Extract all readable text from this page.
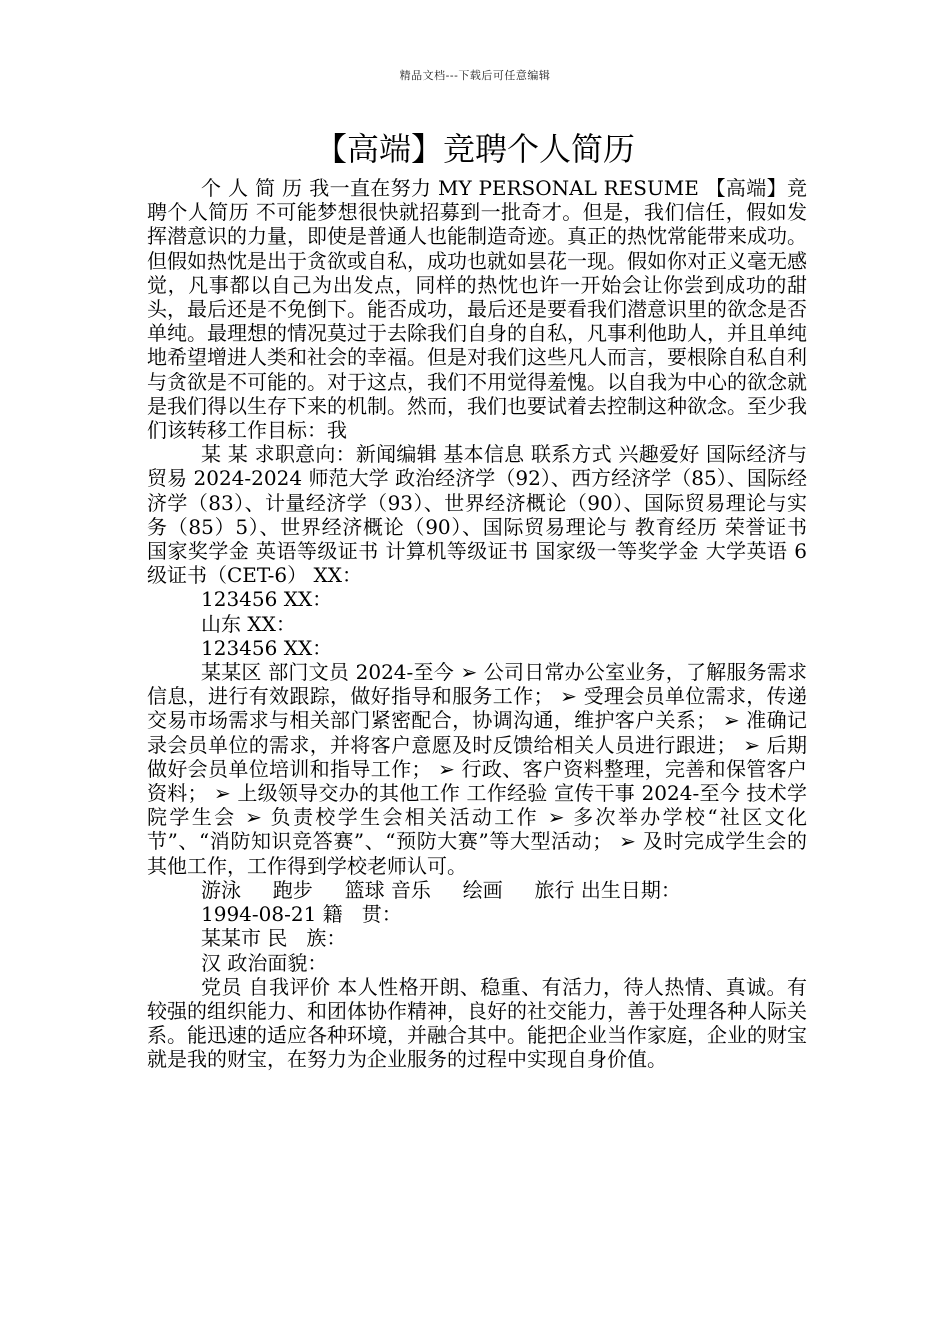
精品文档---下载后可任意编辑
【高端】竞聘个人简历

个 人 简 历 我一直在努力 MY PERSONAL RESUME 【高端】竞聘个人简历 不可能梦想很快就招募到一批奇才。但是，我们信任，假如发挥潜意识的力量，即使是普通人也能制造奇迹。真正的热忱常能带来成功。但假如热忱是出于贪欲或自私，成功也就如昙花一现。假如你对正义毫无感觉，凡事都以自己为出发点，同样的热忱也许一开始会让你尝到成功的甜头，最后还是不免倒下。能否成功，最后还是要看我们潜意识里的欲念是否单纯。最理想的情况莫过于去除我们自身的自私，凡事利他助人，并且单纯地希望增进人类和社会的幸福。但是对我们这些凡人而言，要根除自私自利与贪欲是不可能的。对于这点，我们不用觉得羞愧。以自我为中心的欲念就是我们得以生存下来的机制。然而，我们也要试着去控制这种欲念。至少我们该转移工作目标：我

某 某 求职意向：新闻编辑 基本信息 联系方式 兴趣爱好 国际经济与贸易 2024-2024 师范大学 政治经济学（92）、西方经济学（85）、国际经济学（83）、计量经济学（93）、世界经济概论（90）、国际贸易理论与实务（85）5）、世界经济概论（90）、国际贸易理论与 教育经历 荣誉证书 国家奖学金 英语等级证书 计算机等级证书 国家级一等奖学金 大学英语 6 级证书（CET-6） XX：

123456 XX：

山东 XX：

123456 XX：

某某区 部门文员 2024-至今 ➢ 公司日常办公室业务，了解服务需求信息，进行有效跟踪，做好指导和服务工作； ➢ 受理会员单位需求，传递交易市场需求与相关部门紧密配合，协调沟通，维护客户关系； ➢ 准确记录会员单位的需求，并将客户意愿及时反馈给相关人员进行跟进； ➢ 后期做好会员单位培训和指导工作； ➢ 行政、客户资料整理，完善和保管客户资料； ➢ 上级领导交办的其他工作 工作经验 宣传干事 2024-至今 技术学院学生会 ➢ 负责校学生会相关活动工作 ➢ 多次举办学校“社区文化节”、“消防知识竞答赛”、“预防大赛”等大型活动； ➢ 及时完成学生会的其他工作，工作得到学校老师认可。

游泳     跑步     篮球 音乐     绘画     旅行 出生日期：

1994-08-21 籍   贯：

某某市 民   族：

汉 政治面貌：

党员 自我评价 本人性格开朗、稳重、有活力，待人热情、真诚。有较强的组织能力、和团体协作精神，良好的社交能力，善于处理各种人际关系。能迅速的适应各种环境，并融合其中。能把企业当作家庭，企业的财宝就是我的财宝，在努力为企业服务的过程中实现自身价值。
